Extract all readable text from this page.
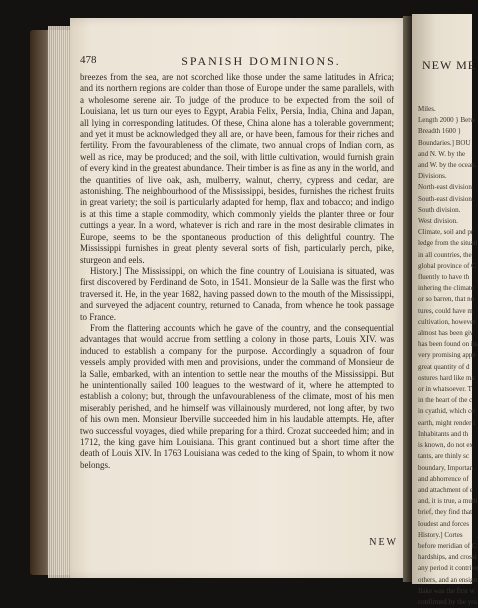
478	SPANISH DOMINIONS.

breezes from the sea, are not scorched like those under the same latitudes in Africa; and its northern regions are colder than those of Europe under the same parallels, with a wholesome serene air. To judge of the produce to be expected from the soil of Louisiana, let us turn our eyes to Egypt, Arabia Felix, Persia, India, China and Japan, all lying in corresponding latitudes. Of these, China alone has a tolerable government; and yet it must be acknowledged they all are, or have been, famous for their riches and fertility. From the favourableness of the climate, two annual crops of Indian corn, as well as rice, may be produced; and the soil, with little cultivation, would furnish grain of every kind in the greatest abundance. Their timber is as fine as any in the world, and the quantities of live oak, ash, mulberry, walnut, cherry, cypress and cedar, are astonishing. The neighbourhood of the Mississippi, besides, furnishes the richest fruits in great variety; the soil is particularly adapted for hemp, flax and tobacco; and indigo is at this time a staple commodity, which commonly yields the planter three or four cuttings a year. In a word, whatever is rich and rare in the most desirable climates in Europe, seems to be the spontaneous production of this delightful country. The Mississippi furnishes in great plenty several sorts of fish, particularly perch, pike, sturgeon and eels.

History.] The Mississippi, on which the fine country of Louisiana is situated, was first discovered by Ferdinand de Soto, in 1541. Monsieur de la Salle was the first who traversed it. He, in the year 1682, having passed down to the mouth of the Mississippi, and surveyed the adjacent country, returned to Canada, from whence he took passage to France.

From the flattering accounts which he gave of the country, and the consequential advantages that would accrue from settling a colony in those parts, Louis XIV. was induced to establish a company for the purpose. Accordingly a squadron of four vessels amply provided with men and provisions, under the command of Monsieur de la Salle, embarked, with an intention to settle near the mouths of the Mississippi. But he unintentionally sailed 100 leagues to the westward of it, where he attempted to establish a colony; but, through the unfavourableness of the climate, most of his men miserably perished, and he himself was villainously murdered, not long after, by two of his own men. Monsieur Iberville succeeded him in his laudable attempts. He, after two successful voyages, died while preparing for a third. Crozat succeeded him; and in 1712, the king gave him Louisiana. This grant continued but a short time after the death of Louis XIV. In 1763 Louisiana was ceded to the king of Spain, to whom it now belongs.

NEW
NEW ME
Miles.
Length 2000 } Betw
Breadth 1600 }
Boundaries.] BOU
and N. W. by the
and W. by the ocean.
Divisions.
North-east division.
South-east division.
South division.
West division.
Climate, soil and pr
ledge from the situati
in all countries, the
global province of C
fluently to have th
inhering the climate
or so barren, that no
tures, could have m
cultivation, however
almost has been giv
has been found on its
very promising appe
great quantity of d
ostures hard like ma
or in whatsoever. T
in the heart of the c
in cyathid, which co
earth, might render t
Inhabitants and th
is known, do not ex
tants, are thinly sc
boundary, Importan
and abhorrence of
and attachment of e
and, it is true, a multi
brief, they find that
loudest and forces
History.] Cortes
before meridian of C
hardships, and crossi
any period it contrive
others, and an ensign
Ilake was the first w
confirmed by the yru
